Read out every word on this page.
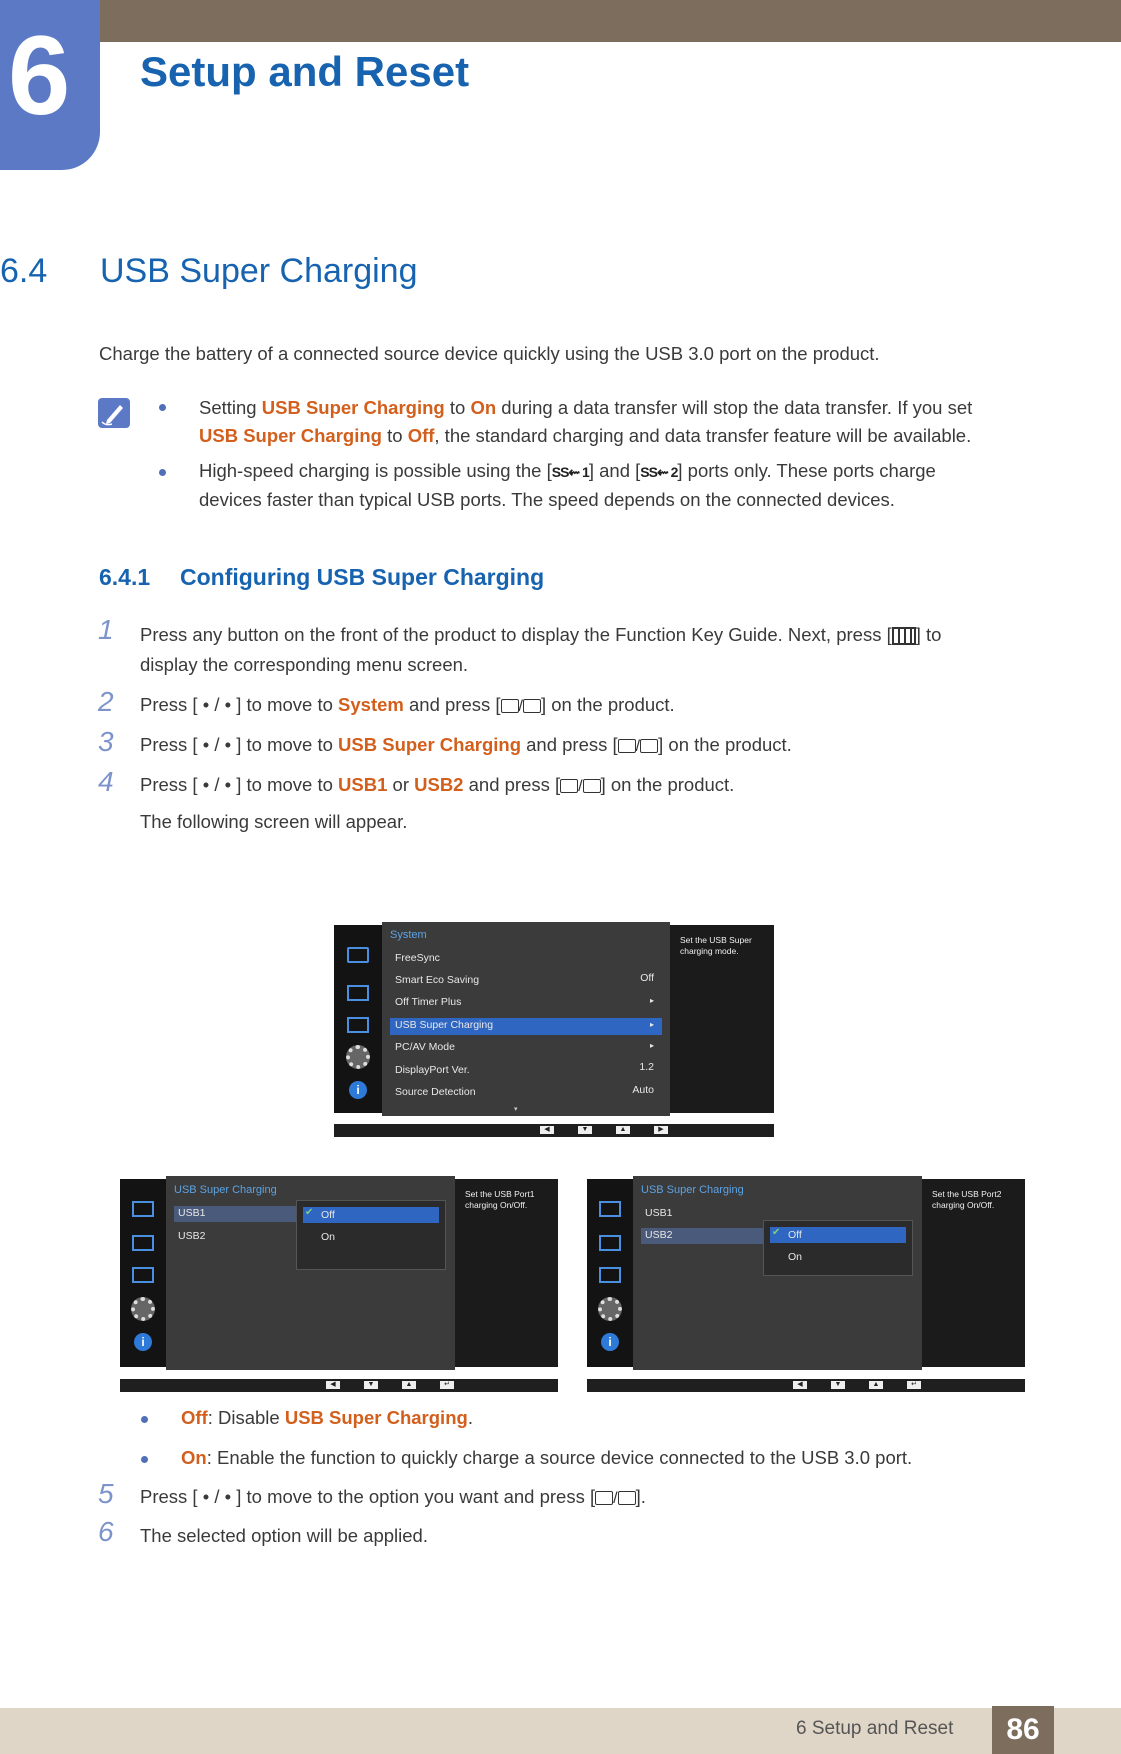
6 Setup and Reset
6.4 USB Super Charging
Charge the battery of a connected source device quickly using the USB 3.0 port on the product.
Setting USB Super Charging to On during a data transfer will stop the data transfer. If you set
USB Super Charging to Off, the standard charging and data transfer feature will be available.
High-speed charging is possible using the [SS⇜ 1] and [SS⇜ 2] ports only. These ports charge
devices faster than typical USB ports. The speed depends on the connected devices.
6.4.1 Configuring USB Super Charging
1 Press any button on the front of the product to display the Function Key Guide. Next, press [ ] to
display the corresponding menu screen.
2 Press [ • / • ] to move to System and press [ / ] on the product.
3 Press [ • / • ] to move to USB Super Charging and press [ / ] on the product.
4 Press [ • / • ] to move to USB1 or USB2 and press [ / ] on the product.
The following screen will appear.
i
System
FreeSync
Smart Eco Saving
Off Timer Plus
USB Super Charging
PC/AV Mode
DisplayPort Ver.
Source Detection
Off
▸
▸
▸
1.2
Auto
▾
Set the USB Super charging mode.
◀	▼	▲	▶
i
USB Super Charging
USB1
USB2
✔ Off
On
Set the USB Port1 charging On/Off.
◀	▼	▲	↵
i
USB Super Charging
USB1
USB2	✔ Off
On
Set the USB Port2 charging On/Off.
◀	▼	▲	↵
Off: Disable USB Super Charging.
On: Enable the function to quickly charge a source device connected to the USB 3.0 port.
5 Press [ • / • ] to move to the option you want and press [ / ].
6 The selected option will be applied.
6 Setup and Reset	86
